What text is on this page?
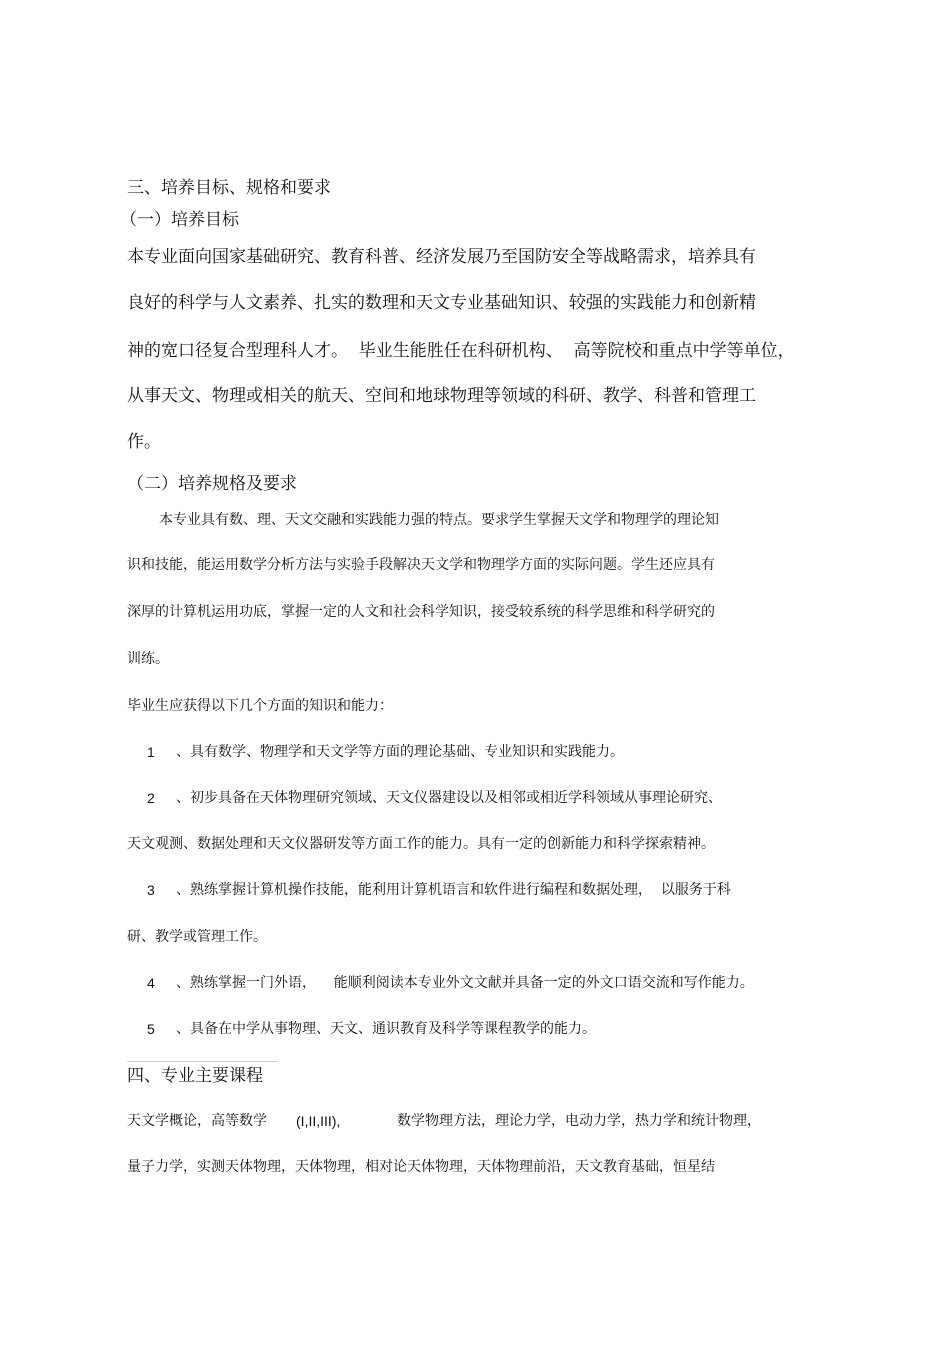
三、培养目标、规格和要求
（一）培养目标
本专业面向国家基础研究、教育科普、经济发展乃至国防安全等战略需求，培养具有
良好的科学与人文素养、扎实的数理和天文专业基础知识、较强的实践能力和创新精
神的宽口径复合型理科人才。  毕业生能胜任在科研机构、  高等院校和重点中学等单位，
从事天文、物理或相关的航天、空间和地球物理等领域的科研、教学、科普和管理工
作。
（二）培养规格及要求
本专业具有数、理、天文交融和实践能力强的特点。要求学生掌握天文学和物理学的理论知
识和技能，能运用数学分析方法与实验手段解决天文学和物理学方面的实际问题。学生还应具有
深厚的计算机运用功底，掌握一定的人文和社会科学知识，接受较系统的科学思维和科学研究的
训练。
毕业生应获得以下几个方面的知识和能力：
1 、具有数学、物理学和天文学等方面的理论基础、专业知识和实践能力。
2 、初步具备在天体物理研究领域、天文仪器建设以及相邻或相近学科领域从事理论研究、
天文观测、数据处理和天文仪器研发等方面工作的能力。具有一定的创新能力和科学探索精神。
3 、熟练掌握计算机操作技能，能利用计算机语言和软件进行编程和数据处理，  以服务于科
研、教学或管理工作。
4 、熟练掌握一门外语，    能顺利阅读本专业外文文献并具备一定的外文口语交流和写作能力。
5 、具备在中学从事物理、天文、通识教育及科学等课程教学的能力。
四、专业主要课程
天文学概论，高等数学 (I,II,III),	数学物理方法，理论力学，电动力学，热力学和统计物理，
量子力学，实测天体物理，天体物理，相对论天体物理，天体物理前沿，天文教育基础，恒星结
